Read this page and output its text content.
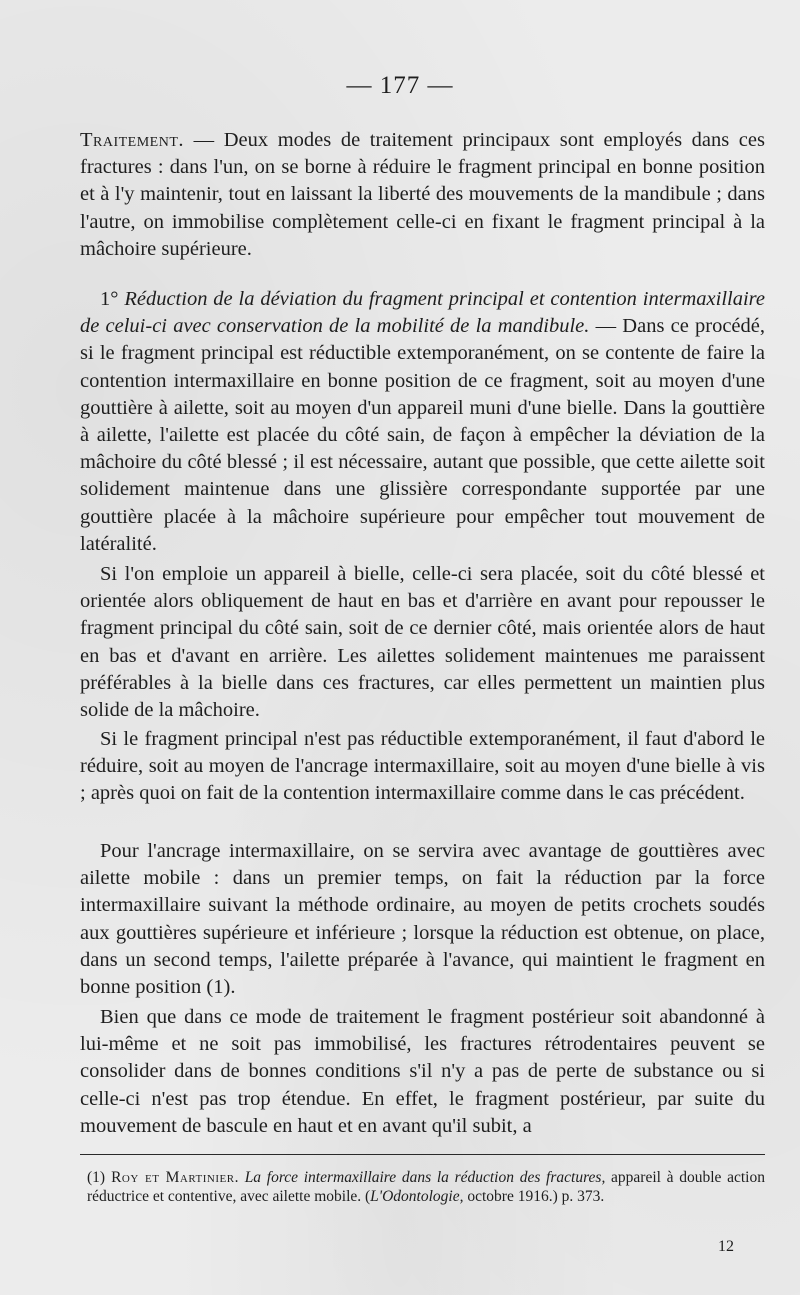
— 177 —

Traitement. — Deux modes de traitement principaux sont employés dans ces fractures : dans l'un, on se borne à réduire le fragment principal en bonne position et à l'y maintenir, tout en laissant la liberté des mouvements de la mandibule ; dans l'autre, on immobilise complètement celle-ci en fixant le fragment principal à la mâchoire supérieure.

1° Réduction de la déviation du fragment principal et contention intermaxillaire de celui-ci avec conservation de la mobilité de la mandibule. — Dans ce procédé, si le fragment principal est réductible extemporanément, on se contente de faire la contention intermaxillaire en bonne position de ce fragment, soit au moyen d'une gouttière à ailette, soit au moyen d'un appareil muni d'une bielle. Dans la gouttière à ailette, l'ailette est placée du côté sain, de façon à empêcher la déviation de la mâchoire du côté blessé ; il est nécessaire, autant que possible, que cette ailette soit solidement maintenue dans une glissière correspondante supportée par une gouttière placée à la mâchoire supérieure pour empêcher tout mouvement de latéralité.

Si l'on emploie un appareil à bielle, celle-ci sera placée, soit du côté blessé et orientée alors obliquement de haut en bas et d'arrière en avant pour repousser le fragment principal du côté sain, soit de ce dernier côté, mais orientée alors de haut en bas et d'avant en arrière. Les ailettes solidement maintenues me paraissent préférables à la bielle dans ces fractures, car elles permettent un maintien plus solide de la mâchoire.

Si le fragment principal n'est pas réductible extemporanément, il faut d'abord le réduire, soit au moyen de l'ancrage intermaxillaire, soit au moyen d'une bielle à vis ; après quoi on fait de la contention intermaxillaire comme dans le cas précédent.

Pour l'ancrage intermaxillaire, on se servira avec avantage de gouttières avec ailette mobile : dans un premier temps, on fait la réduction par la force intermaxillaire suivant la méthode ordinaire, au moyen de petits crochets soudés aux gouttières supérieure et inférieure ; lorsque la réduction est obtenue, on place, dans un second temps, l'ailette préparée à l'avance, qui maintient le fragment en bonne position (1).

Bien que dans ce mode de traitement le fragment postérieur soit abandonné à lui-même et ne soit pas immobilisé, les fractures rétrodentaires peuvent se consolider dans de bonnes conditions s'il n'y a pas de perte de substance ou si celle-ci n'est pas trop étendue. En effet, le fragment postérieur, par suite du mouvement de bascule en haut et en avant qu'il subit, a

(1) Roy et Martinier. La force intermaxillaire dans la réduction des fractures, appareil à double action réductrice et contentive, avec ailette mobile. (L'Odontologie, octobre 1916.) p. 373.

12
